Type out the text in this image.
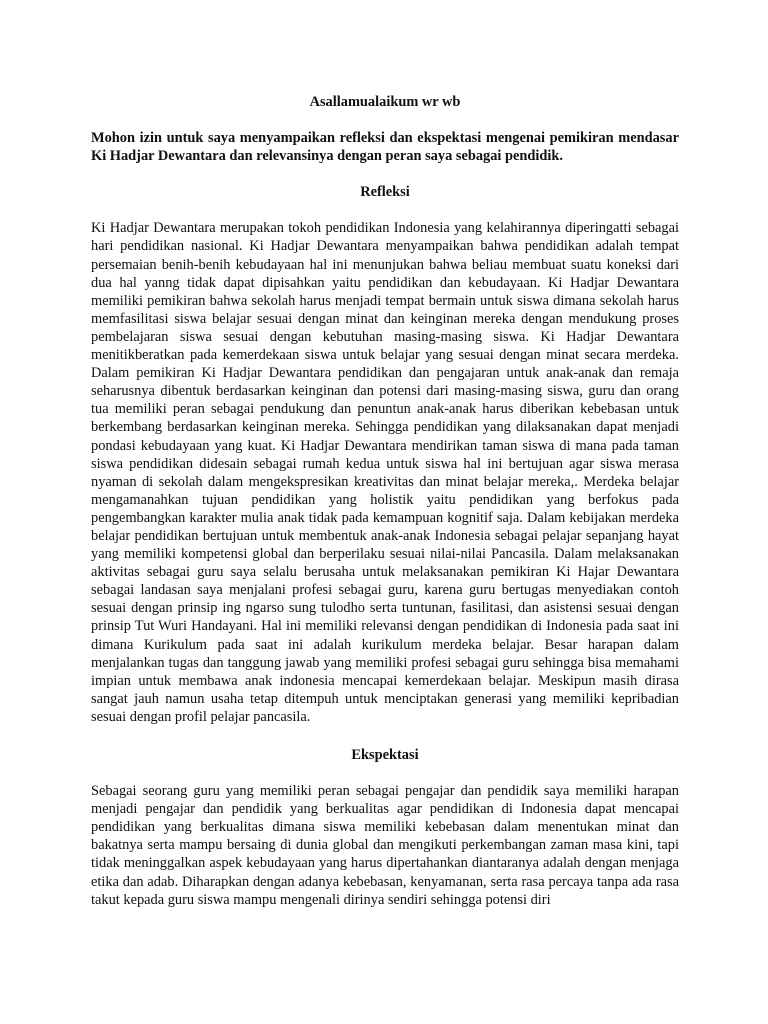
Asallamualaikum wr wb

Mohon izin untuk saya menyampaikan refleksi dan ekspektasi mengenai pemikiran mendasar Ki Hadjar Dewantara dan relevansinya dengan peran saya sebagai pendidik.

Refleksi

Ki Hadjar Dewantara merupakan tokoh pendidikan Indonesia yang kelahirannya diperingatti sebagai hari pendidikan nasional. Ki Hadjar Dewantara menyampaikan bahwa pendidikan adalah tempat persemaian benih-benih kebudayaan hal ini menunjukan bahwa beliau membuat suatu koneksi dari dua hal yanng tidak dapat dipisahkan yaitu pendidikan dan kebudayaan. Ki Hadjar Dewantara memiliki pemikiran bahwa sekolah harus menjadi tempat bermain untuk siswa dimana sekolah harus memfasilitasi siswa belajar sesuai dengan minat dan keinginan mereka dengan mendukung proses pembelajaran siswa sesuai dengan kebutuhan masing-masing siswa. Ki Hadjar Dewantara menitikberatkan pada kemerdekaan siswa untuk belajar yang sesuai dengan minat secara merdeka. Dalam pemikiran Ki Hadjar Dewantara pendidikan dan pengajaran untuk anak-anak dan remaja seharusnya dibentuk berdasarkan keinginan dan potensi dari masing-masing siswa, guru dan orang tua memiliki peran sebagai pendukung dan penuntun anak-anak harus diberikan kebebasan untuk berkembang berdasarkan keinginan mereka. Sehingga pendidikan yang dilaksanakan dapat menjadi pondasi kebudayaan yang kuat. Ki Hadjar Dewantara mendirikan taman siswa di mana pada taman siswa pendidikan didesain sebagai rumah kedua untuk siswa hal ini bertujuan agar siswa merasa nyaman di sekolah dalam mengekspresikan kreativitas dan minat belajar mereka,. Merdeka belajar mengamanahkan tujuan pendidikan yang holistik yaitu pendidikan yang berfokus pada pengembangkan karakter mulia anak tidak pada kemampuan kognitif saja. Dalam kebijakan merdeka belajar pendidikan bertujuan untuk membentuk anak-anak Indonesia sebagai pelajar sepanjang hayat yang memiliki kompetensi global dan berperilaku sesuai nilai-nilai Pancasila. Dalam melaksanakan aktivitas sebagai guru saya selalu berusaha untuk melaksanakan pemikiran Ki Hajar Dewantara sebagai landasan saya menjalani profesi sebagai guru, karena guru bertugas menyediakan contoh sesuai dengan prinsip ing ngarso sung tulodho serta tuntunan, fasilitasi, dan asistensi sesuai dengan prinsip Tut Wuri Handayani. Hal ini memiliki relevansi dengan pendidikan di Indonesia pada saat ini dimana Kurikulum pada saat ini adalah kurikulum merdeka belajar. Besar harapan dalam menjalankan tugas dan tanggung jawab yang memiliki profesi sebagai guru sehingga bisa memahami impian untuk membawa anak indonesia mencapai kemerdekaan belajar. Meskipun masih dirasa sangat jauh namun usaha tetap ditempuh untuk menciptakan generasi yang memiliki kepribadian sesuai dengan profil pelajar pancasila.

Ekspektasi

Sebagai seorang guru yang memiliki peran sebagai pengajar dan pendidik saya memiliki harapan menjadi pengajar dan pendidik yang berkualitas agar pendidikan di Indonesia dapat mencapai pendidikan yang berkualitas dimana siswa memiliki kebebasan dalam menentukan minat dan bakatnya serta mampu bersaing di dunia global dan mengikuti perkembangan zaman masa kini, tapi tidak meninggalkan aspek kebudayaan yang harus dipertahankan diantaranya adalah dengan menjaga etika dan adab. Diharapkan dengan adanya kebebasan, kenyamanan, serta rasa percaya tanpa ada rasa takut kepada guru siswa mampu mengenali dirinya sendiri sehingga potensi diri
